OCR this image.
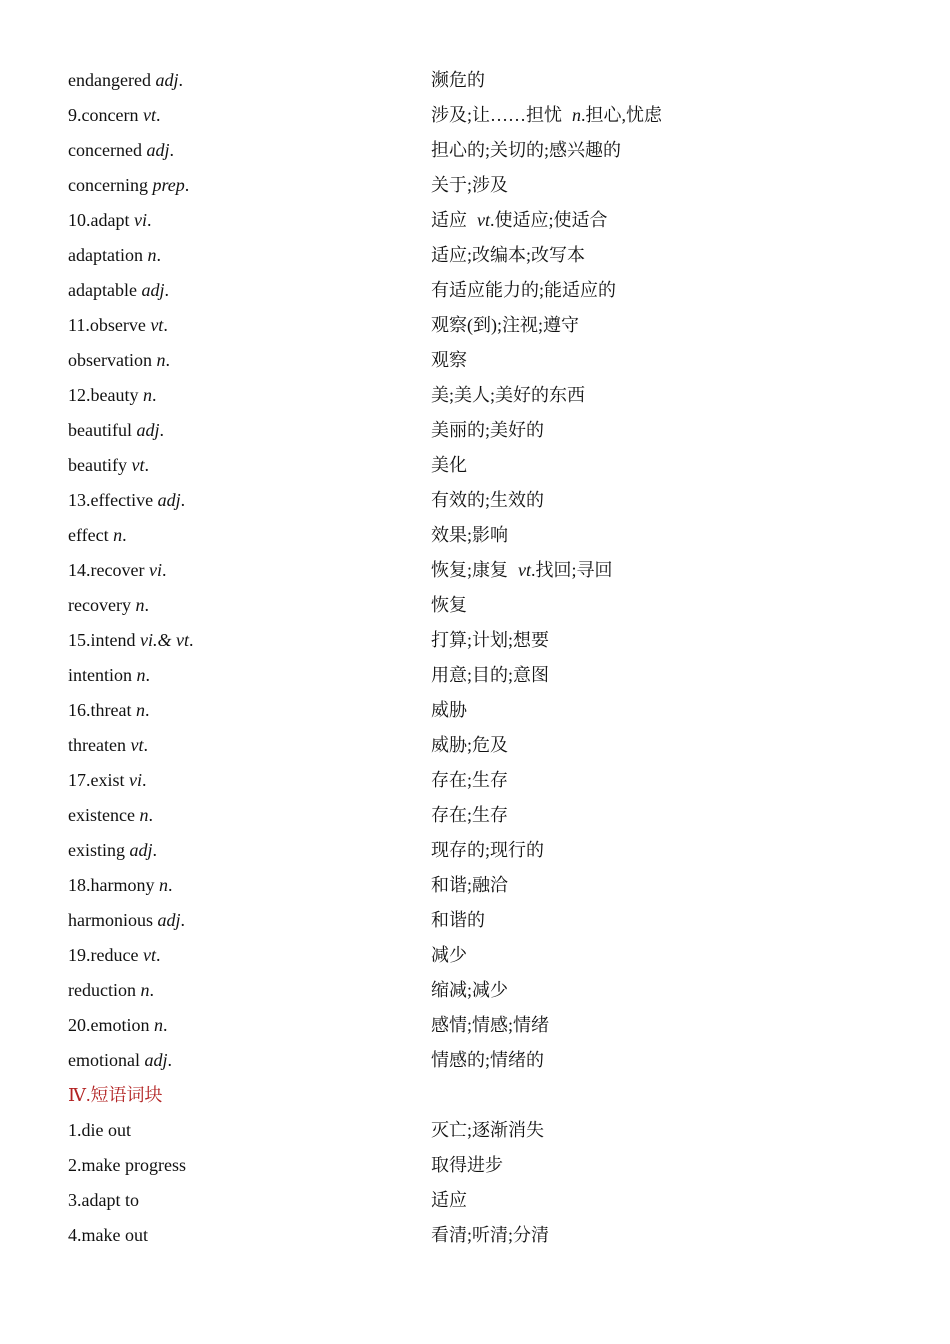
endangered adj.	濒危的
9.concern vt.	涉及;让……担忧 n.担心,忧虑
concerned adj.	担心的;关切的;感兴趣的
concerning prep.	关于;涉及
10.adapt vi.	适应 vt.使适应;使适合
adaptation n.	适应;改编本;改写本
adaptable adj.	有适应能力的;能适应的
11.observe vt.	观察(到);注视;遵守
observation n.	观察
12.beauty n.	美;美人;美好的东西
beautiful adj.	美丽的;美好的
beautify vt.	美化
13.effective adj.	有效的;生效的
effect n.	效果;影响
14.recover vi.	恢复;康复 vt.找回;寻回
recovery n.	恢复
15.intend vi.& vt.	打算;计划;想要
intention n.	用意;目的;意图
16.threat n.	威胁
threaten vt.	威胁;危及
17.exist vi.	存在;生存
existence n.	存在;生存
existing adj.	现存的;现行的
18.harmony n.	和谐;融洽
harmonious adj.	和谐的
19.reduce vt.	减少
reduction n.	缩减;减少
20.emotion n.	感情;情感;情绪
emotional adj.	情感的;情绪的
Ⅳ.短语词块
1.die out	灭亡;逐渐消失
2.make progress	取得进步
3.adapt to	适应
4.make out	看清;听清;分清
